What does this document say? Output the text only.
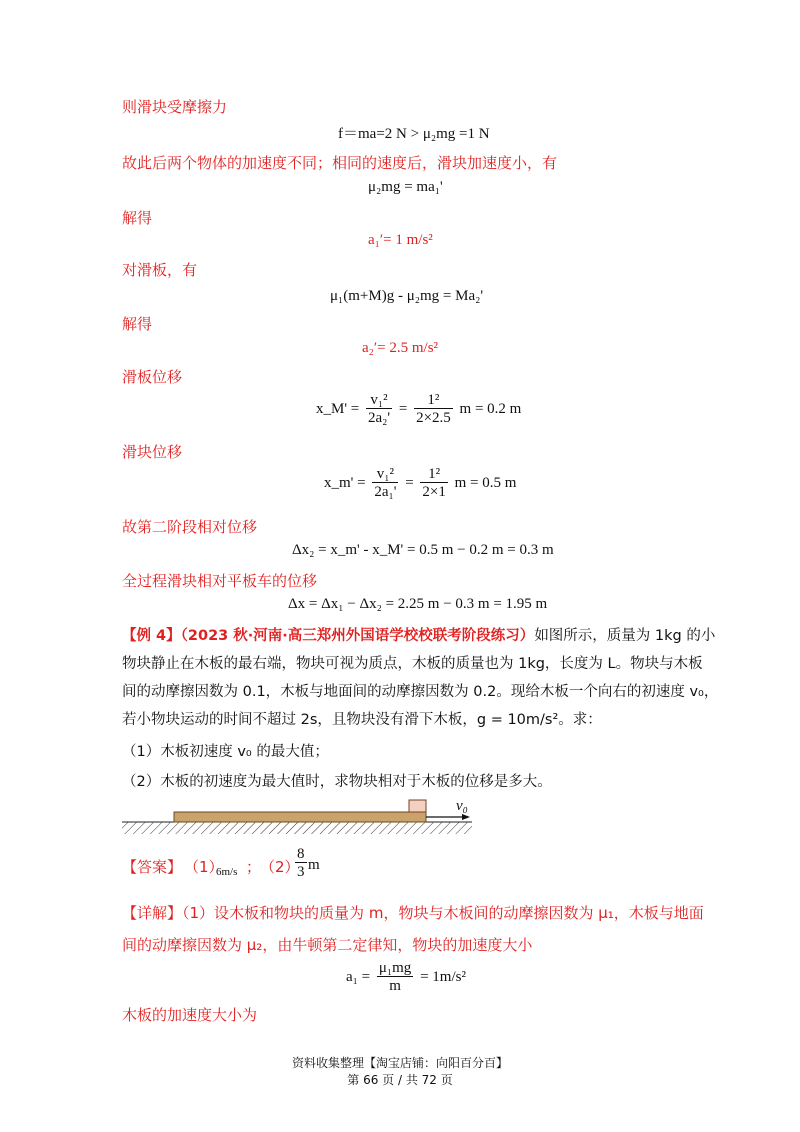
则滑块受摩擦力
f＝ma=2 N > μ₂mg =1 N
故此后两个物体的加速度不同；相同的速度后，滑块加速度小，有
μ₂mg = ma₁'
解得
a₁′= 1 m/s²
对滑板，有
μ₁(m+M)g - μ₂mg = Ma₂'
解得
a₂′= 2.5 m/s²
滑板位移
x_M' = $\frac{\text{v₁²}}{\text{2a₂'}} = \frac{\text{1²}}{2\times 2.5}$ m = 0.2 m
滑块位移
x_m' = $\frac{\text{v₁²}}{\text{2a₁'}} = \frac{\text{1²}}{2\times 1}$ m = 0.5 m
故第二阶段相对位移
Δx₂ = x_m' - x_M' = 0.5 m − 0.2 m = 0.3 m
全过程滑块相对平板车的位移
Δx = Δx₁ − Δx₂ = 2.25 m − 0.3 m = 1.95 m
【例 4】（2023 秋·河南·高三郑州外国语学校校联考阶段练习）如图所示，质量为 1kg 的小
物块静止在木板的最右端，物块可视为质点，木板的质量也为 1kg，长度为 L。物块与木板
间的动摩擦因数为 0.1，木板与地面间的动摩擦因数为 0.2。现给木板一个向右的初速度 v₀，
若小物块运动的时间不超过 2s，且物块没有滑下木板，g = 10m/s²。求：
（1）木板初速度 v₀ 的最大值；
（2）木板的初速度为最大值时，求物块相对于木板的位移是多大。
v₀
【答案】 （1）
6m/s ；
（2）
$\frac{8}{3}$ m
【详解】（1）设木板和物块的质量为 m，物块与木板间的动摩擦因数为 μ₁，木板与地面
间的动摩擦因数为 μ₂，由牛顿第二定律知，物块的加速度大小
$a_1 = \frac{\text{μ₁mg}}{m} = 1m/s^2$
木板的加速度大小为
资料收集整理【淘宝店铺：向阳百分百】
第 66 页 / 共 72 页
